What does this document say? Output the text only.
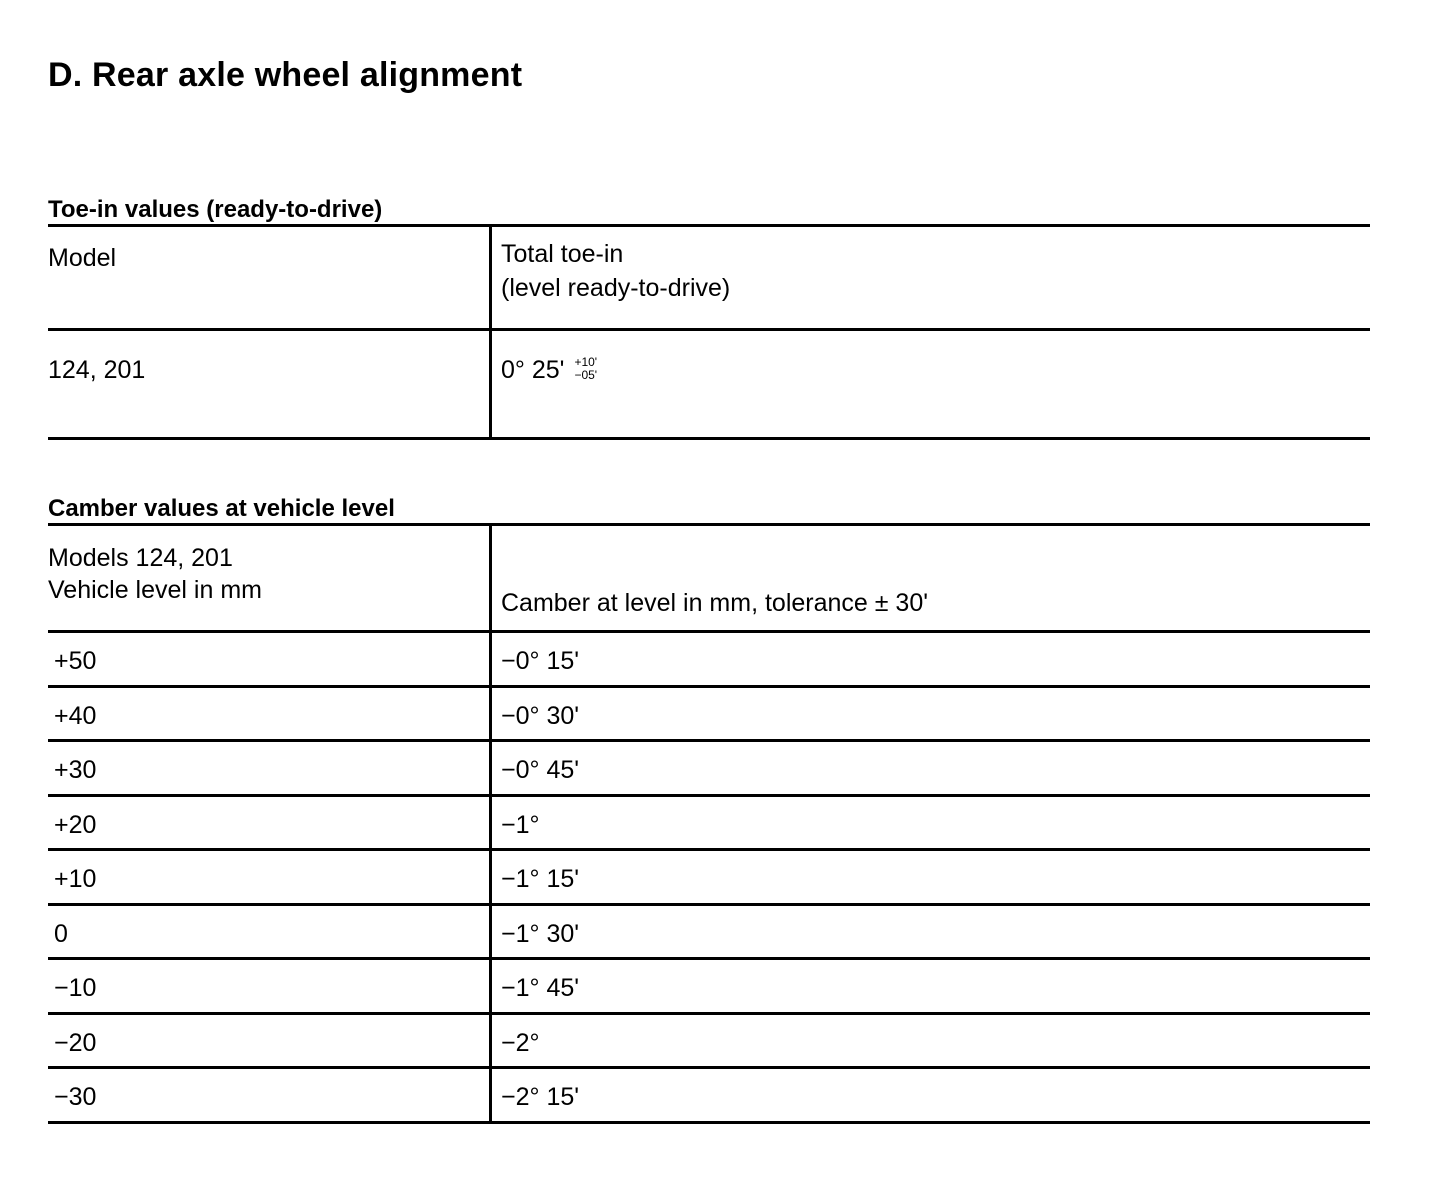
D. Rear axle wheel alignment
Toe-in values (ready-to-drive)
Model	Total toe-in
(level ready-to-drive)

124, 201	0° 25' +10'
−05'
Camber values at vehicle level
Models 124, 201
Vehicle level in mm	Camber at level in mm, tolerance ± 30'
+50	−0° 15'
+40	−0° 30'
+30	−0° 45'
+20	−1°
+10	−1° 15'
0	−1° 30'
−10	−1° 45'
−20	−2°
−30	−2° 15'
